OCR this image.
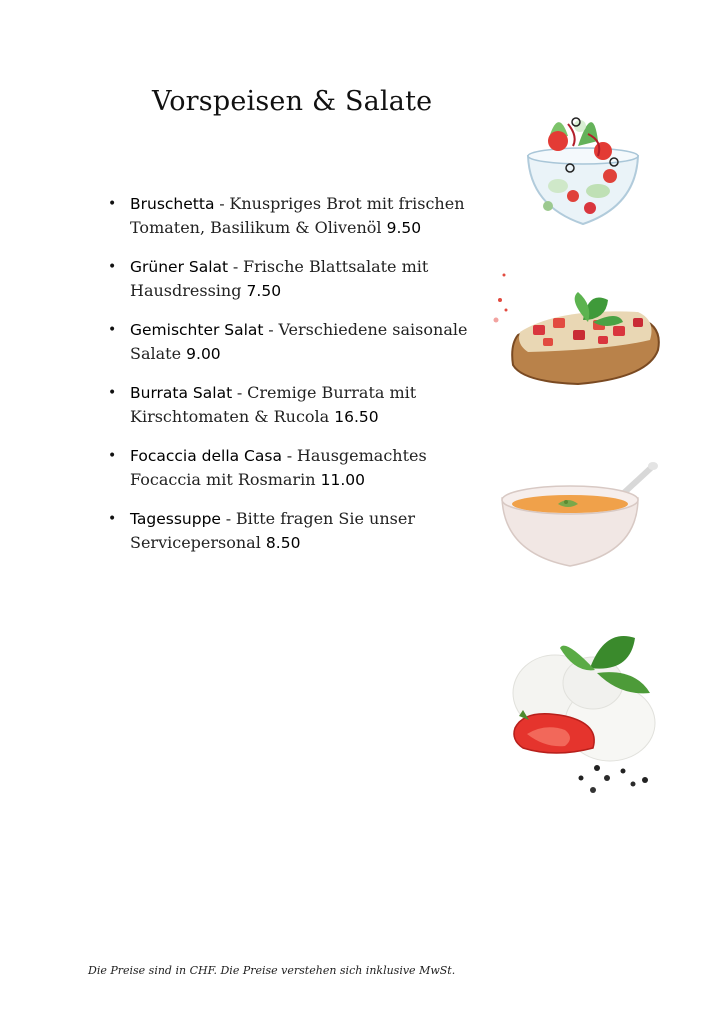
Vorspeisen & Salate
• Bruschetta - Knuspriges Brot mit frischen Tomaten, Basilikum & Olivenöl 9.50
• Grüner Salat - Frische Blattsalate mit Hausdressing 7.50
• Gemischter Salat - Verschiedene saisonale Salate 9.00
• Burrata Salat - Cremige Burrata mit Kirschtomaten & Rucola 16.50
• Focaccia della Casa - Hausgemachtes Focaccia mit Rosmarin 11.00
• Tagessuppe - Bitte fragen Sie unser Servicepersonal 8.50
Die Preise sind in CHF. Die Preise verstehen sich inklusive MwSt.
